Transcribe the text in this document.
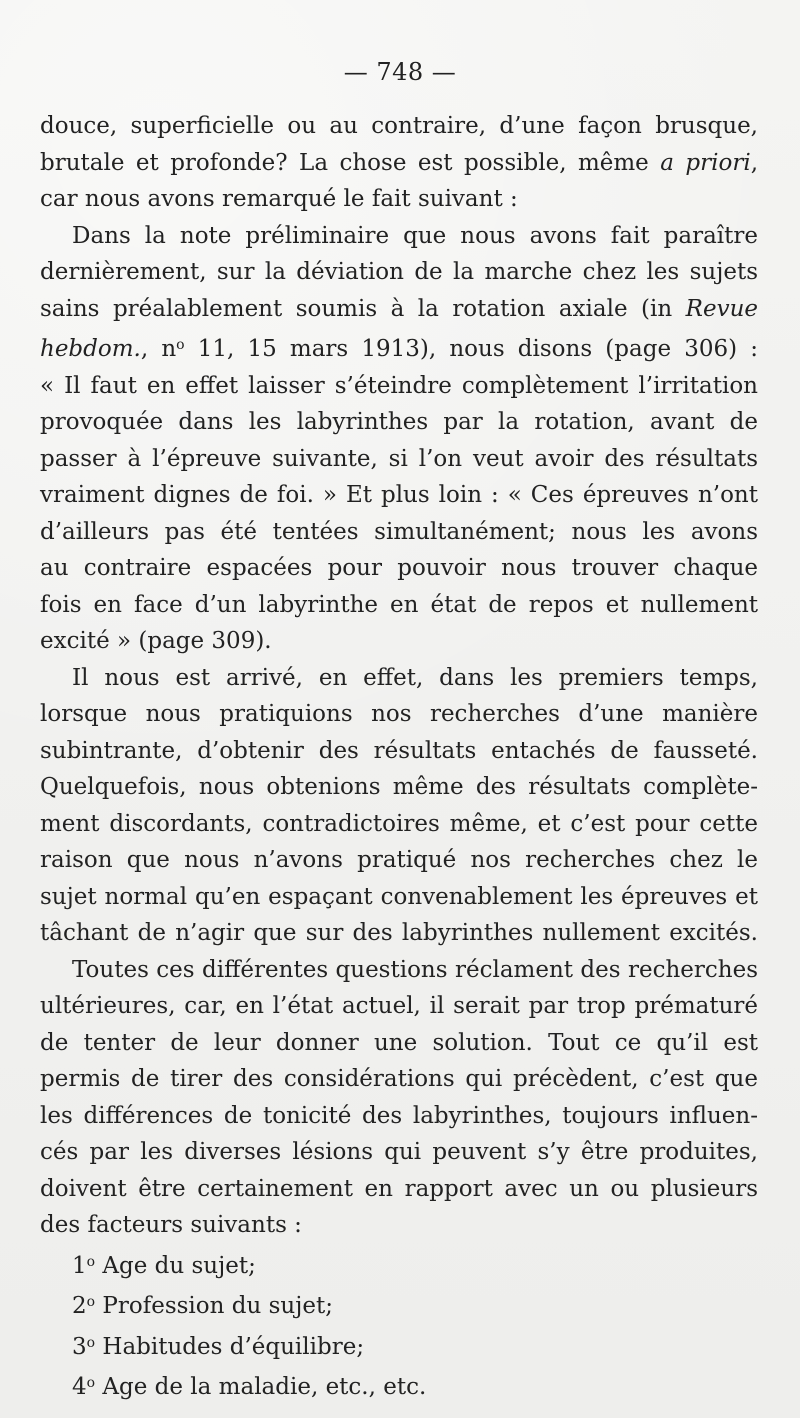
— 748 —
douce, superficielle ou au contraire, d’une façon brusque,
brutale et profonde? La chose est possible, même a priori,
car nous avons remarqué le fait suivant :
Dans la note préliminaire que nous avons fait paraître
dernièrement, sur la déviation de la marche chez les sujets
sains préalablement soumis à la rotation axiale (in Revue
hebdom., $n^o$ 11, 15 mars 1913), nous disons (page 306) :
« Il faut en effet laisser s’éteindre complètement l’irritation
provoquée dans les labyrinthes par la rotation, avant de
passer à l’épreuve suivante, si l’on veut avoir des résultats
vraiment dignes de foi. » Et plus loin : « Ces épreuves n’ont
d’ailleurs pas été tentées simultanément; nous les avons
au contraire espacées pour pouvoir nous trouver chaque
fois en face d’un labyrinthe en état de repos et nullement
excité » (page 309).
Il nous est arrivé, en effet, dans les premiers temps,
lorsque nous pratiquions nos recherches d’une manière
subintrante, d’obtenir des résultats entachés de fausseté.
Quelquefois, nous obtenions même des résultats complète-
ment discordants, contradictoires même, et c’est pour cette
raison que nous n’avons pratiqué nos recherches chez le
sujet normal qu’en espaçant convenablement les épreuves et
tâchant de n’agir que sur des labyrinthes nullement excités.
Toutes ces différentes questions réclament des recherches
ultérieures, car, en l’état actuel, il serait par trop prématuré
de tenter de leur donner une solution. Tout ce qu’il est
permis de tirer des considérations qui précèdent, c’est que
les différences de tonicité des labyrinthes, toujours influen-
cés par les diverses lésions qui peuvent s’y être produites,
doivent être certainement en rapport avec un ou plusieurs
des facteurs suivants :
1$^o$ Age du sujet;
2$^o$ Profession du sujet;
3$^o$ Habitudes d’équilibre;
4$^o$ Age de la maladie, etc., etc.
